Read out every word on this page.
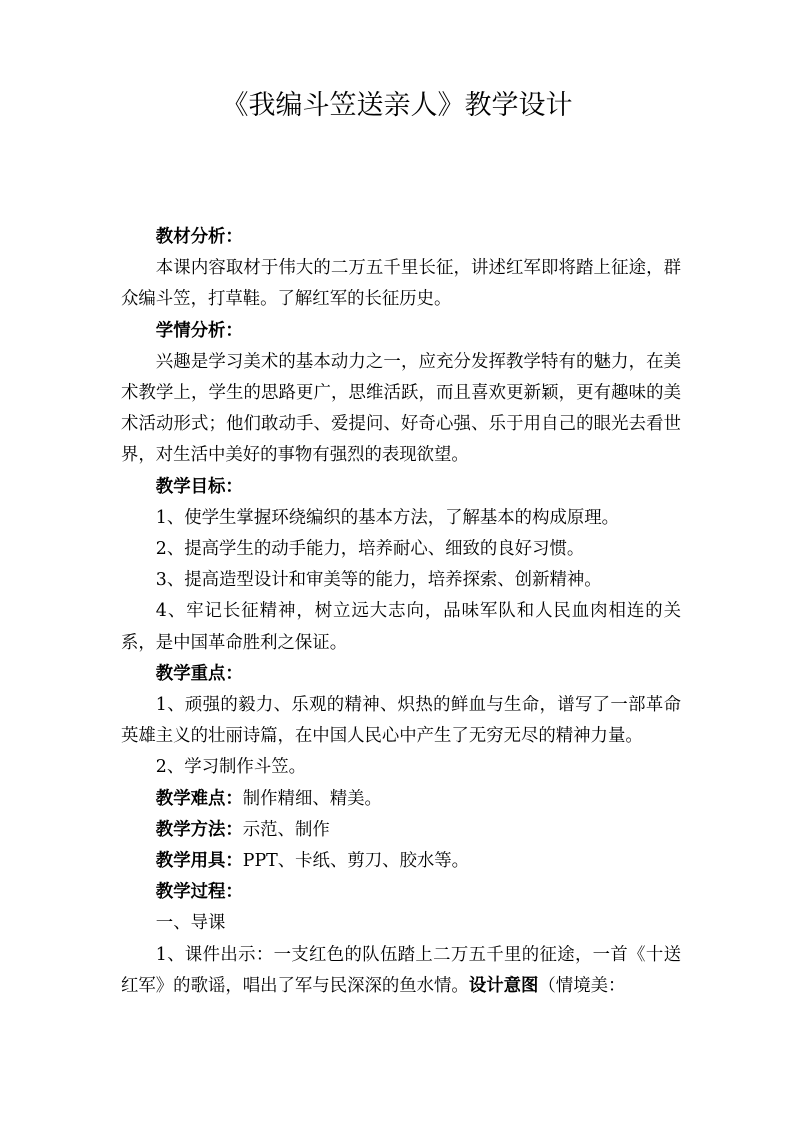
《我编斗笠送亲人》教学设计

教材分析：

本课内容取材于伟大的二万五千里长征，讲述红军即将踏上征途，群众编斗笠，打草鞋。了解红军的长征历史。

学情分析：

兴趣是学习美术的基本动力之一，应充分发挥教学特有的魅力，在美术教学上，学生的思路更广，思维活跃，而且喜欢更新颖，更有趣味的美术活动形式；他们敢动手、爱提问、好奇心强、乐于用自己的眼光去看世界，对生活中美好的事物有强烈的表现欲望。

教学目标：

1、使学生掌握环绕编织的基本方法，了解基本的构成原理。

2、提高学生的动手能力，培养耐心、细致的良好习惯。

3、提高造型设计和审美等的能力，培养探索、创新精神。

4、牢记长征精神，树立远大志向，品味军队和人民血肉相连的关系，是中国革命胜利之保证。

教学重点：

1、顽强的毅力、乐观的精神、炽热的鲜血与生命，谱写了一部革命英雄主义的壮丽诗篇，在中国人民心中产生了无穷无尽的精神力量。

2、学习制作斗笠。

教学难点：制作精细、精美。

教学方法：示范、制作

教学用具：PPT、卡纸、剪刀、胶水等。

教学过程：

一、导课

1、课件出示：一支红色的队伍踏上二万五千里的征途，一首《十送红军》的歌谣，唱出了军与民深深的鱼水情。设计意图（情境美：
